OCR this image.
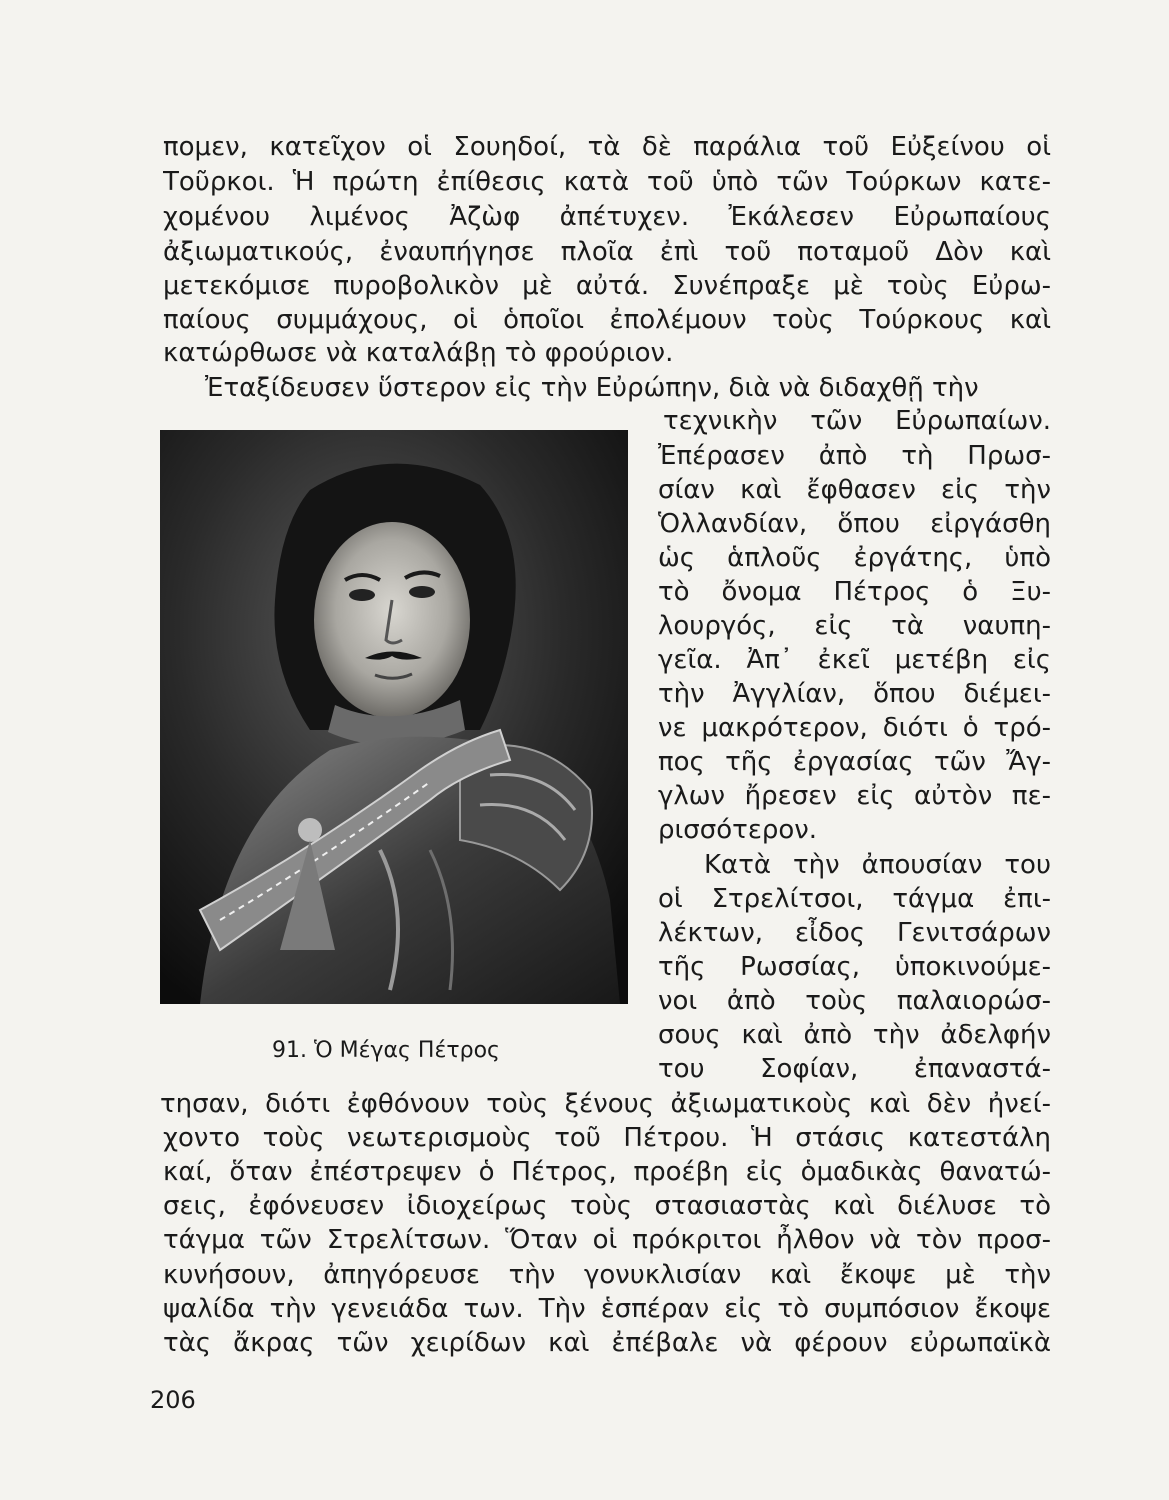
πομεν, κατεῖχον οἱ Σουηδοί, τὰ δὲ παράλια τοῦ Εὐξείνου οἱ
Τοῦρκοι. Ἡ πρώτη ἐπίθεσις κατὰ τοῦ ὑπὸ τῶν Τούρκων κατε-
χομένου λιμένος Ἀζὼφ ἀπέτυχεν. Ἐκάλεσεν Εὐρωπαίους
ἀξιωματικούς, ἐναυπήγησε πλοῖα ἐπὶ τοῦ ποταμοῦ Δὸν καὶ
μετεκόμισε πυροβολικὸν μὲ αὐτά. Συνέπραξε μὲ τοὺς Εὐρω-
παίους συμμάχους, οἱ ὁποῖοι ἐπολέμουν τοὺς Τούρκους καὶ
κατώρθωσε νὰ καταλάβῃ τὸ φρούριον.
Ἐταξίδευσεν ὕστερον εἰς τὴν Εὐρώπην, διὰ νὰ διδαχθῇ τὴν
τεχνικὴν τῶν Εὐρωπαίων.
Ἐπέρασεν ἀπὸ τὴ Πρωσ-
σίαν καὶ ἔφθασεν εἰς τὴν
Ὁλλανδίαν, ὅπου εἰργάσθη
ὡς ἁπλοῦς ἐργάτης, ὑπὸ
τὸ ὄνομα Πέτρος ὁ Ξυ-
λουργός, εἰς τὰ ναυπη-
γεῖα. Ἀπ᾽ ἐκεῖ μετέβη εἰς
τὴν Ἀγγλίαν, ὅπου διέμει-
νε μακρότερον, διότι ὁ τρό-
πος τῆς ἐργασίας τῶν Ἄγ-
γλων ἤρεσεν εἰς αὐτὸν πε-
ρισσότερον.
Κατὰ τὴν ἀπουσίαν του
οἱ Στρελίτσοι, τάγμα ἐπι-
λέκτων, εἶδος Γενιτσάρων
τῆς Ρωσσίας, ὑποκινούμε-
νοι ἀπὸ τοὺς παλαιορώσ-
σους καὶ ἀπὸ τὴν ἀδελφήν
του Σοφίαν, ἐπαναστά-
91. Ὁ Μέγας Πέτρος
τησαν, διότι ἐφθόνουν τοὺς ξένους ἀξιωματικοὺς καὶ δὲν ἠνεί-
χοντο τοὺς νεωτερισμοὺς τοῦ Πέτρου. Ἡ στάσις κατεστάλη
καί, ὅταν ἐπέστρεψεν ὁ Πέτρος, προέβη εἰς ὁμαδικὰς θανατώ-
σεις, ἐφόνευσεν ἰδιοχείρως τοὺς στασιαστὰς καὶ διέλυσε τὸ
τάγμα τῶν Στρελίτσων. Ὅταν οἱ πρόκριτοι ἦλθον νὰ τὸν προσ-
κυνήσουν, ἀπηγόρευσε τὴν γονυκλισίαν καὶ ἔκοψε μὲ τὴν
ψαλίδα τὴν γενειάδα των. Τὴν ἑσπέραν εἰς τὸ συμπόσιον ἔκοψε
τὰς ἄκρας τῶν χειρίδων καὶ ἐπέβαλε νὰ φέρουν εὐρωπαϊκὰ
206
